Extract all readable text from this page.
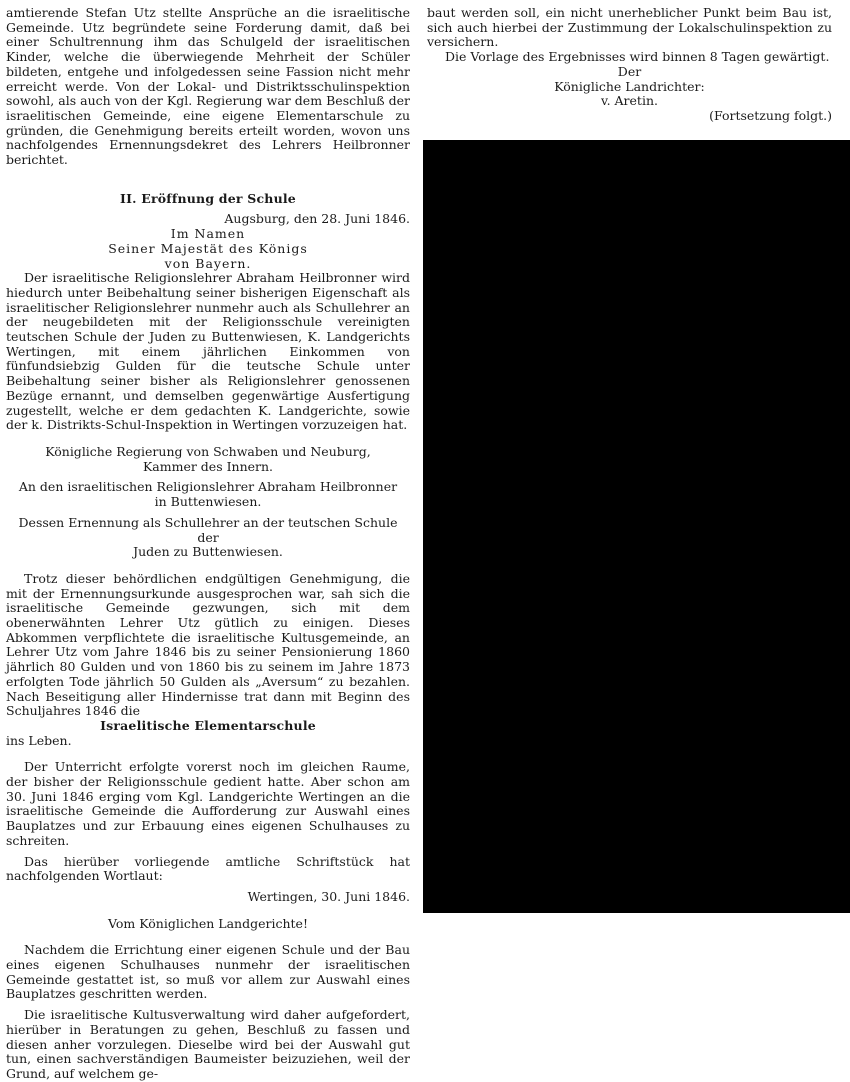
amtierende Stefan Utz stellte Ansprüche an die israelitische Gemeinde. Utz begründete seine Forderung damit, daß bei einer Schultrennung ihm das Schulgeld der israelitischen Kinder, welche die überwiegende Mehrheit der Schüler bildeten, entgehe und infolgedessen seine Fassion nicht mehr erreicht werde. Von der Lokal- und Distriktsschulinspektion sowohl, als auch von der Kgl. Regierung war dem Beschluß der israelitischen Gemeinde, eine eigene Elementarschule zu gründen, die Genehmigung bereits erteilt worden, wovon uns nachfolgendes Ernennungsdekret des Lehrers Heilbronner berichtet.

II. Eröffnung der Schule

Augsburg, den 28. Juni 1846.

Im Namen

Seiner Majestät des Königs

von Bayern.

Der israelitische Religionslehrer Abraham Heilbronner wird hiedurch unter Beibehaltung seiner bisherigen Eigenschaft als israelitischer Religionslehrer nunmehr auch als Schullehrer an der neugebildeten mit der Religionsschule vereinigten teutschen Schule der Juden zu Buttenwiesen, K. Landgerichts Wertingen, mit einem jährlichen Einkommen von fünfundsiebzig Gulden für die teutsche Schule unter Beibehaltung seiner bisher als Religionslehrer genossenen Bezüge ernannt, und demselben gegenwärtige Ausfertigung zugestellt, welche er dem gedachten K. Landgerichte, sowie der k. Distrikts-Schul-Inspektion in Wertingen vorzuzeigen hat.

Königliche Regierung von Schwaben und Neuburg,

Kammer des Innern.

An den israelitischen Religionslehrer Abraham Heilbronner

in Buttenwiesen.

Dessen Ernennung als Schullehrer an der teutschen Schule der

Juden zu Buttenwiesen.

Trotz dieser behördlichen endgültigen Genehmigung, die mit der Ernennungsurkunde ausgesprochen war, sah sich die israelitische Gemeinde gezwungen, sich mit dem obenerwähnten Lehrer Utz gütlich zu einigen. Dieses Abkommen verpflichtete die israelitische Kultusgemeinde, an Lehrer Utz vom Jahre 1846 bis zu seiner Pensionierung 1860 jährlich 80 Gulden und von 1860 bis zu seinem im Jahre 1873 erfolgten Tode jährlich 50 Gulden als „Aversum“ zu bezahlen. Nach Beseitigung aller Hindernisse trat dann mit Beginn des Schuljahres 1846 die

Israelitische Elementarschule

ins Leben.

Der Unterricht erfolgte vorerst noch im gleichen Raume, der bisher der Religionsschule gedient hatte. Aber schon am 30. Juni 1846 erging vom Kgl. Landgerichte Wertingen an die israelitische Gemeinde die Aufforderung zur Auswahl eines Bauplatzes und zur Erbauung eines eigenen Schulhauses zu schreiten.

Das hierüber vorliegende amtliche Schriftstück hat nachfolgenden Wortlaut:

Wertingen, 30. Juni 1846.

Vom Königlichen Landgerichte!

Nachdem die Errichtung einer eigenen Schule und der Bau eines eigenen Schulhauses nunmehr der israelitischen Gemeinde gestattet ist, so muß vor allem zur Auswahl eines Bauplatzes geschritten werden.

Die israelitische Kultusverwaltung wird daher aufgefordert, hierüber in Beratungen zu gehen, Beschluß zu fassen und diesen anher vorzulegen. Dieselbe wird bei der Auswahl gut tun, einen sachverständigen Baumeister beizuziehen, weil der Grund, auf welchem ge-

baut werden soll, ein nicht unerheblicher Punkt beim Bau ist, sich auch hierbei der Zustimmung der Lokalschulinspektion zu versichern.

Die Vorlage des Ergebnisses wird binnen 8 Tagen gewärtigt.

Der

Königliche Landrichter:

v. Aretin.

(Fortsetzung folgt.)
